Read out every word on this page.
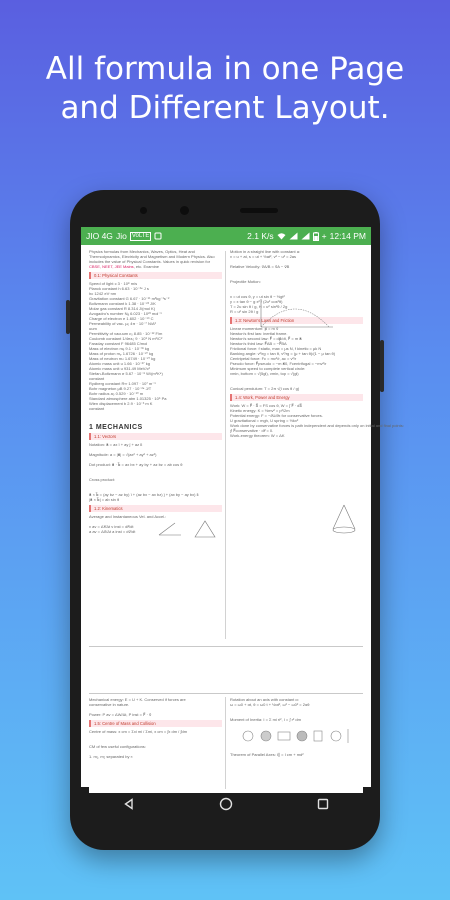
All formula in one Page
and Different Layout.
JIO 4G Jio VoLTE	2.1 K/s	+ 12:14 PM
Physics formulas from Mechanics, Waves, Optics, Heat and Thermodynamics, Electricity and Magnetism and Modern Physics. Also includes the value of Physical Constants. Values in quick revision for CBSE, NEET, JEE Mains, etc. Examine
0.1: Physical Constants
Speed of light c 3 · 10⁸ m/s
Planck constant h 6.63 · 10⁻³⁴ J s
hc 1242 eV·nm
Gravitation constant G 6.67 · 10⁻¹¹ m³kg⁻¹s⁻²
Boltzmann constant k 1.38 · 10⁻²³ J/K
Molar gas constant R 8.314 J/(mol K)
Avogadro's number Nₐ 6.023 · 10²³ mol⁻¹
Charge of electron e 1.602 · 10⁻¹⁹ C
Permeability of vac- μ₀ 4π · 10⁻⁷ N/A²
uum
Permittivity of vacuum ε₀ 8.85 · 10⁻¹² F/m
Coulomb constant 1/4πε₀ 9 · 10⁹ N m²/C²
Faraday constant F 96485 C/mol
Mass of electron mₑ 9.1 · 10⁻³¹ kg
Mass of proton mₚ 1.6726 · 10⁻²⁷ kg
Mass of neutron mₙ 1.6749 · 10⁻²⁷ kg
Atomic mass unit u 1.66 · 10⁻²⁷ kg
Atomic mass unit u 931.49 MeV/c²
Stefan-Boltzmann σ 5.67 · 10⁻⁸ W/(m²K⁴)
constant
Rydberg constant R∞ 1.097 · 10⁷ m⁻¹
Bohr magneton μB 9.27 · 10⁻²⁴ J/T
Bohr radius a₀ 0.529 · 10⁻¹⁰ m
Standard atmosphere atm 1.01325 · 10⁵ Pa
Wien displacement b 2.9 · 10⁻³ m K
constant
1 MECHANICS
1.1: Vectors
Notation: a⃗ = ax î + ay ĵ + az k̂

Magnitude: a = |a⃗| = √(ax² + ay² + az²)

Dot product: a⃗ · b⃗ = ax bx + ay by + az bz = ab cos θ

Cross product:

a⃗ × b⃗ = (ay bz − az by) î + (az bx − ax bz) ĵ + (ax by − ay bx) k̂
|a⃗ × b⃗| = ab sin θ
1.2: Kinematics
Average and Instantaneous Vel. and Accel.:

v av = Δr⃗/Δt v inst = dr⃗/dt
a av = Δv⃗/Δt a inst = dv⃗/dt
Motion in a straight line with constant a:
v = u + at, s = ut + ½at², v² − u² = 2as

Relative Velocity: v⃗A/B = v⃗A − v⃗B

Projectile Motion:

x = ut cos θ, y = ut sin θ − ½gt²
y = x tan θ − g x² / (2u² cos²θ)
T = 2u sin θ / g, H = u² sin²θ / 2g
R = u² sin 2θ / g
1.3: Newton's Laws and Friction
Linear momentum: p⃗ = m v⃗
Newton's first law: inertial frame.
Newton's second law: F⃗ = dp⃗/dt, F⃗ = m a⃗
Newton's third law: F⃗AB = −F⃗BA
Frictional force: f static, max = μs N, f kinetic = μk N
Banking angle: v²/rg = tan θ, v²/rg = (μ + tan θ)/(1 − μ tan θ)
Centripetal force: Fc = mv²/r, ac = v²/r
Pseudo force: F⃗pseudo = −m a⃗0, Fcentrifugal = −mv²/r
Minimum speed to complete vertical circle:
vmin, bottom = √(5gl), vmin, top = √(gl)

Conical pendulum: T = 2π √(l cos θ / g)
1.4: Work, Power and Energy
Work: W = F⃗ · S⃗ = FS cos θ, W = ∫ F⃗ · dS⃗
Kinetic energy: K = ½mv² = p²/2m
Potential energy: F = −∂U/∂x for conservative forces.
U gravitational = mgh, U spring = ½kx²
Work done by conservative forces is path independent and depends only on initial and final points:
∮ F⃗conservative · dr⃗ = 0.
Work-energy theorem: W = ΔK
Mechanical energy: E = U + K. Conserved if forces are
conservative in nature.

Power: P av = ΔW/Δt, P inst = F⃗ · v⃗
1.5: Centre of Mass and Collision
Centre of mass: x cm = Σxi mi / Σmi, x cm = ∫x dm / ∫dm

CM of few useful configurations:

1. m₁, m₂ separated by r:
Rotation about an axis with constant α:
ω = ω0 + αt, θ = ω0 t + ½αt², ω² − ω0² = 2αθ

Moment of Inertia: I = Σ mi ri², I = ∫ r² dm

Theorem of Parallel Axes: I∥ = I cm + md²
